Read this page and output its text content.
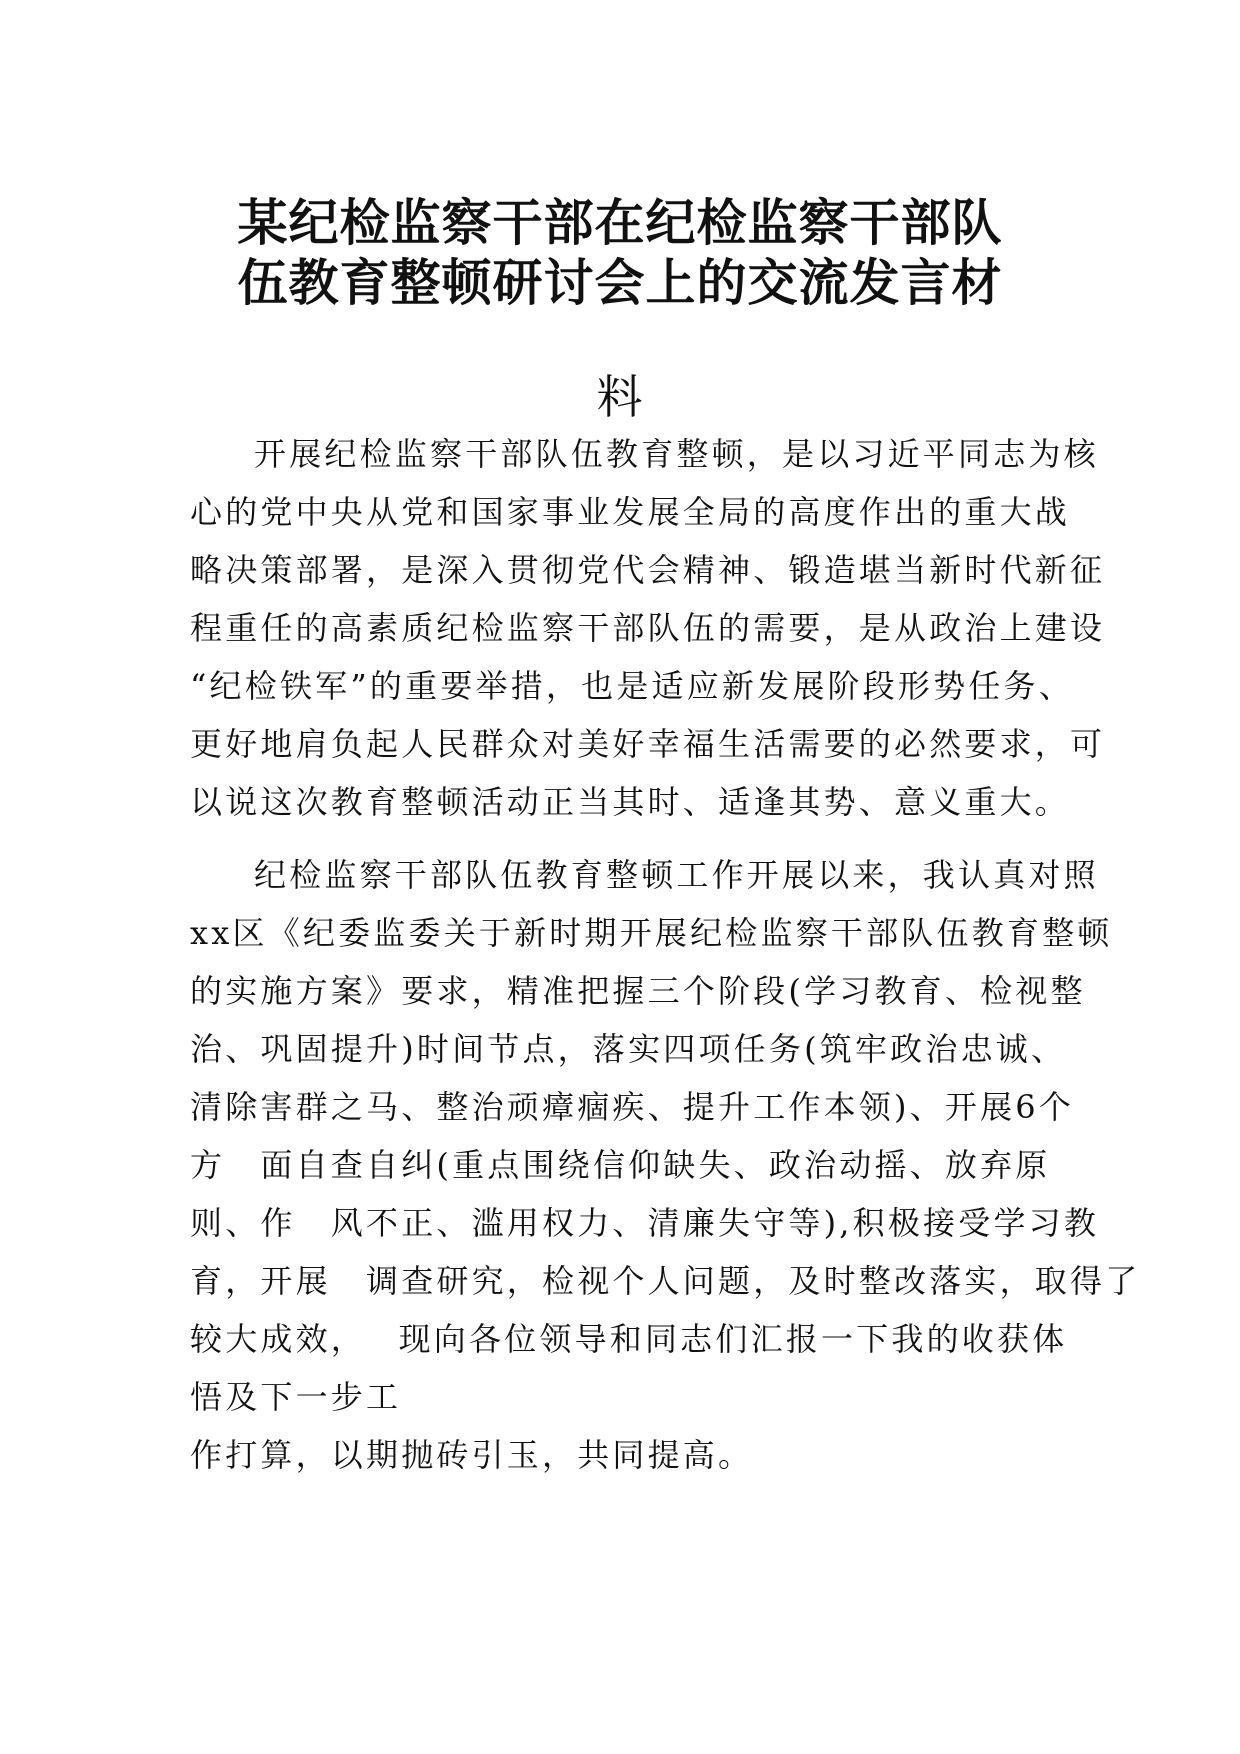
某纪检监察干部在纪检监察干部队
伍教育整顿研讨会上的交流发言材
料
开展纪检监察干部队伍教育整顿，是以习近平同志为核
心的党中央从党和国家事业发展全局的高度作出的重大战
略决策部署，是深入贯彻党代会精神、锻造堪当新时代新征
程重任的高素质纪检监察干部队伍的需要，是从政治上建设
“纪检铁军”的重要举措，也是适应新发展阶段形势任务、
更好地肩负起人民群众对美好幸福生活需要的必然要求，可
以说这次教育整顿活动正当其时、适逢其势、意义重大。
纪检监察干部队伍教育整顿工作开展以来，我认真对照
xx区《纪委监委关于新时期开展纪检监察干部队伍教育整顿
的实施方案》要求，精准把握三个阶段(学习教育、检视整
治、巩固提升)时间节点，落实四项任务(筑牢政治忠诚、
清除害群之马、整治顽瘴痼疾、提升工作本领)、开展6个
方　面自查自纠(重点围绕信仰缺失、政治动摇、放弃原
则、作　风不正、滥用权力、清廉失守等),积极接受学习教
育，开展　调查研究，检视个人问题，及时整改落实，取得了
较大成效，　 现向各位领导和同志们汇报一下我的收获体
悟及下一步工
作打算，以期抛砖引玉，共同提高。
